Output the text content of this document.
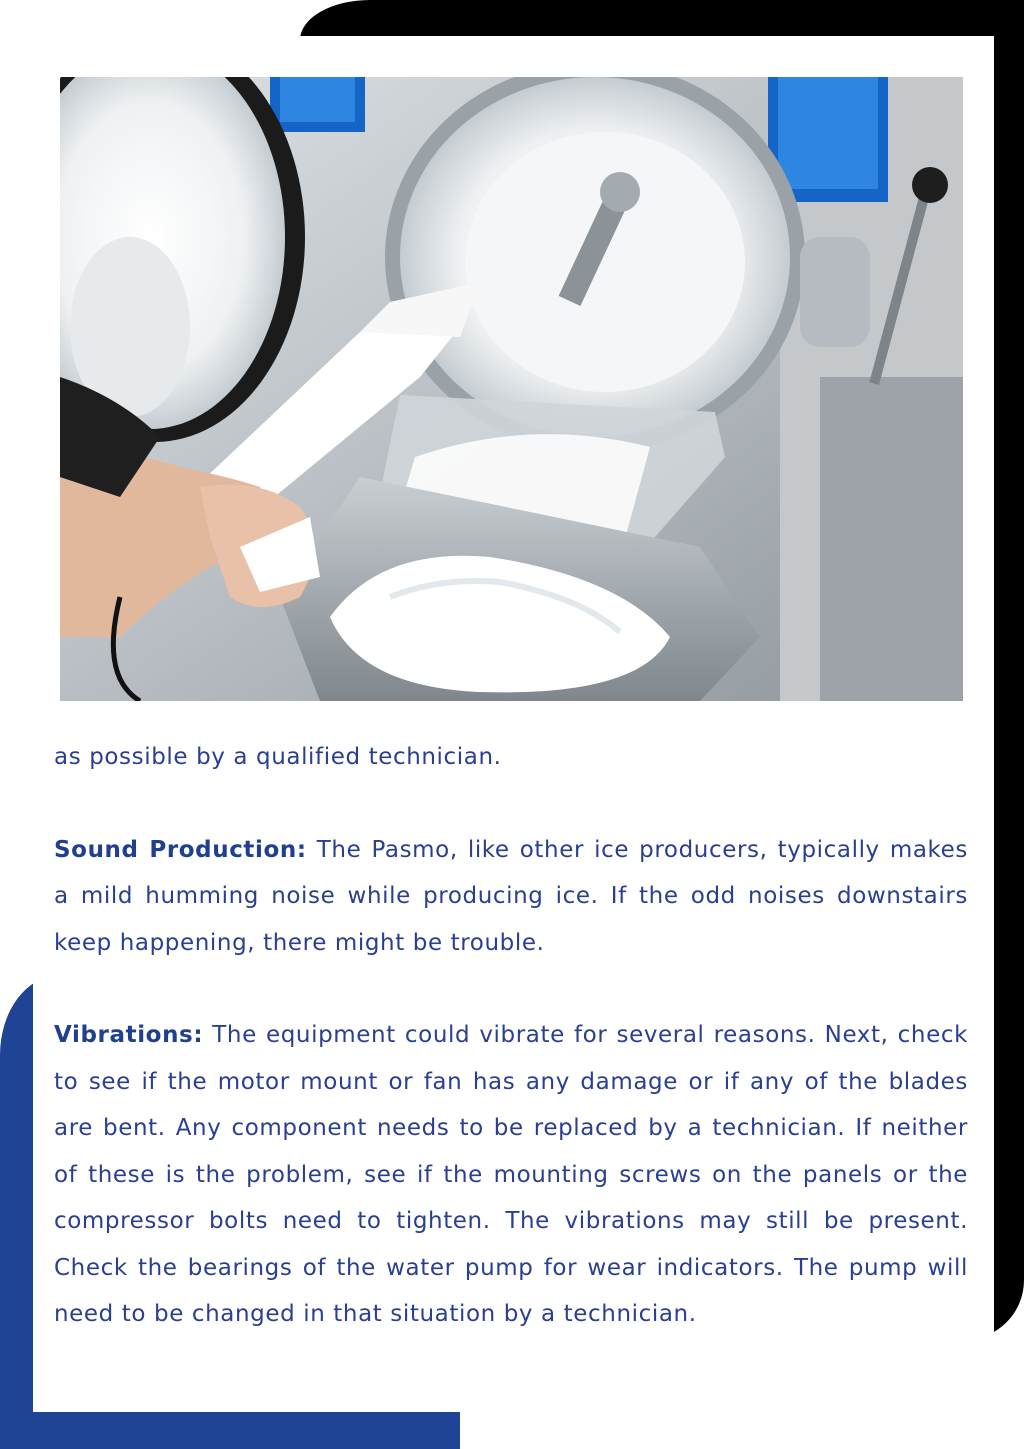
as possible by a qualified technician.

Sound Production: The Pasmo, like other ice producers, typically makes a mild humming noise while producing ice. If the odd noises downstairs keep happening, there might be trouble.

Vibrations: The equipment could vibrate for several reasons. Next, check to see if the motor mount or fan has any damage or if any of the blades are bent. Any component needs to be replaced by a technician. If neither of these is the problem, see if the mounting screws on the panels or the compressor bolts need to tighten. The vibrations may still be present. Check the bearings of the water pump for wear indicators. The pump will need to be changed in that situation by a technician.
